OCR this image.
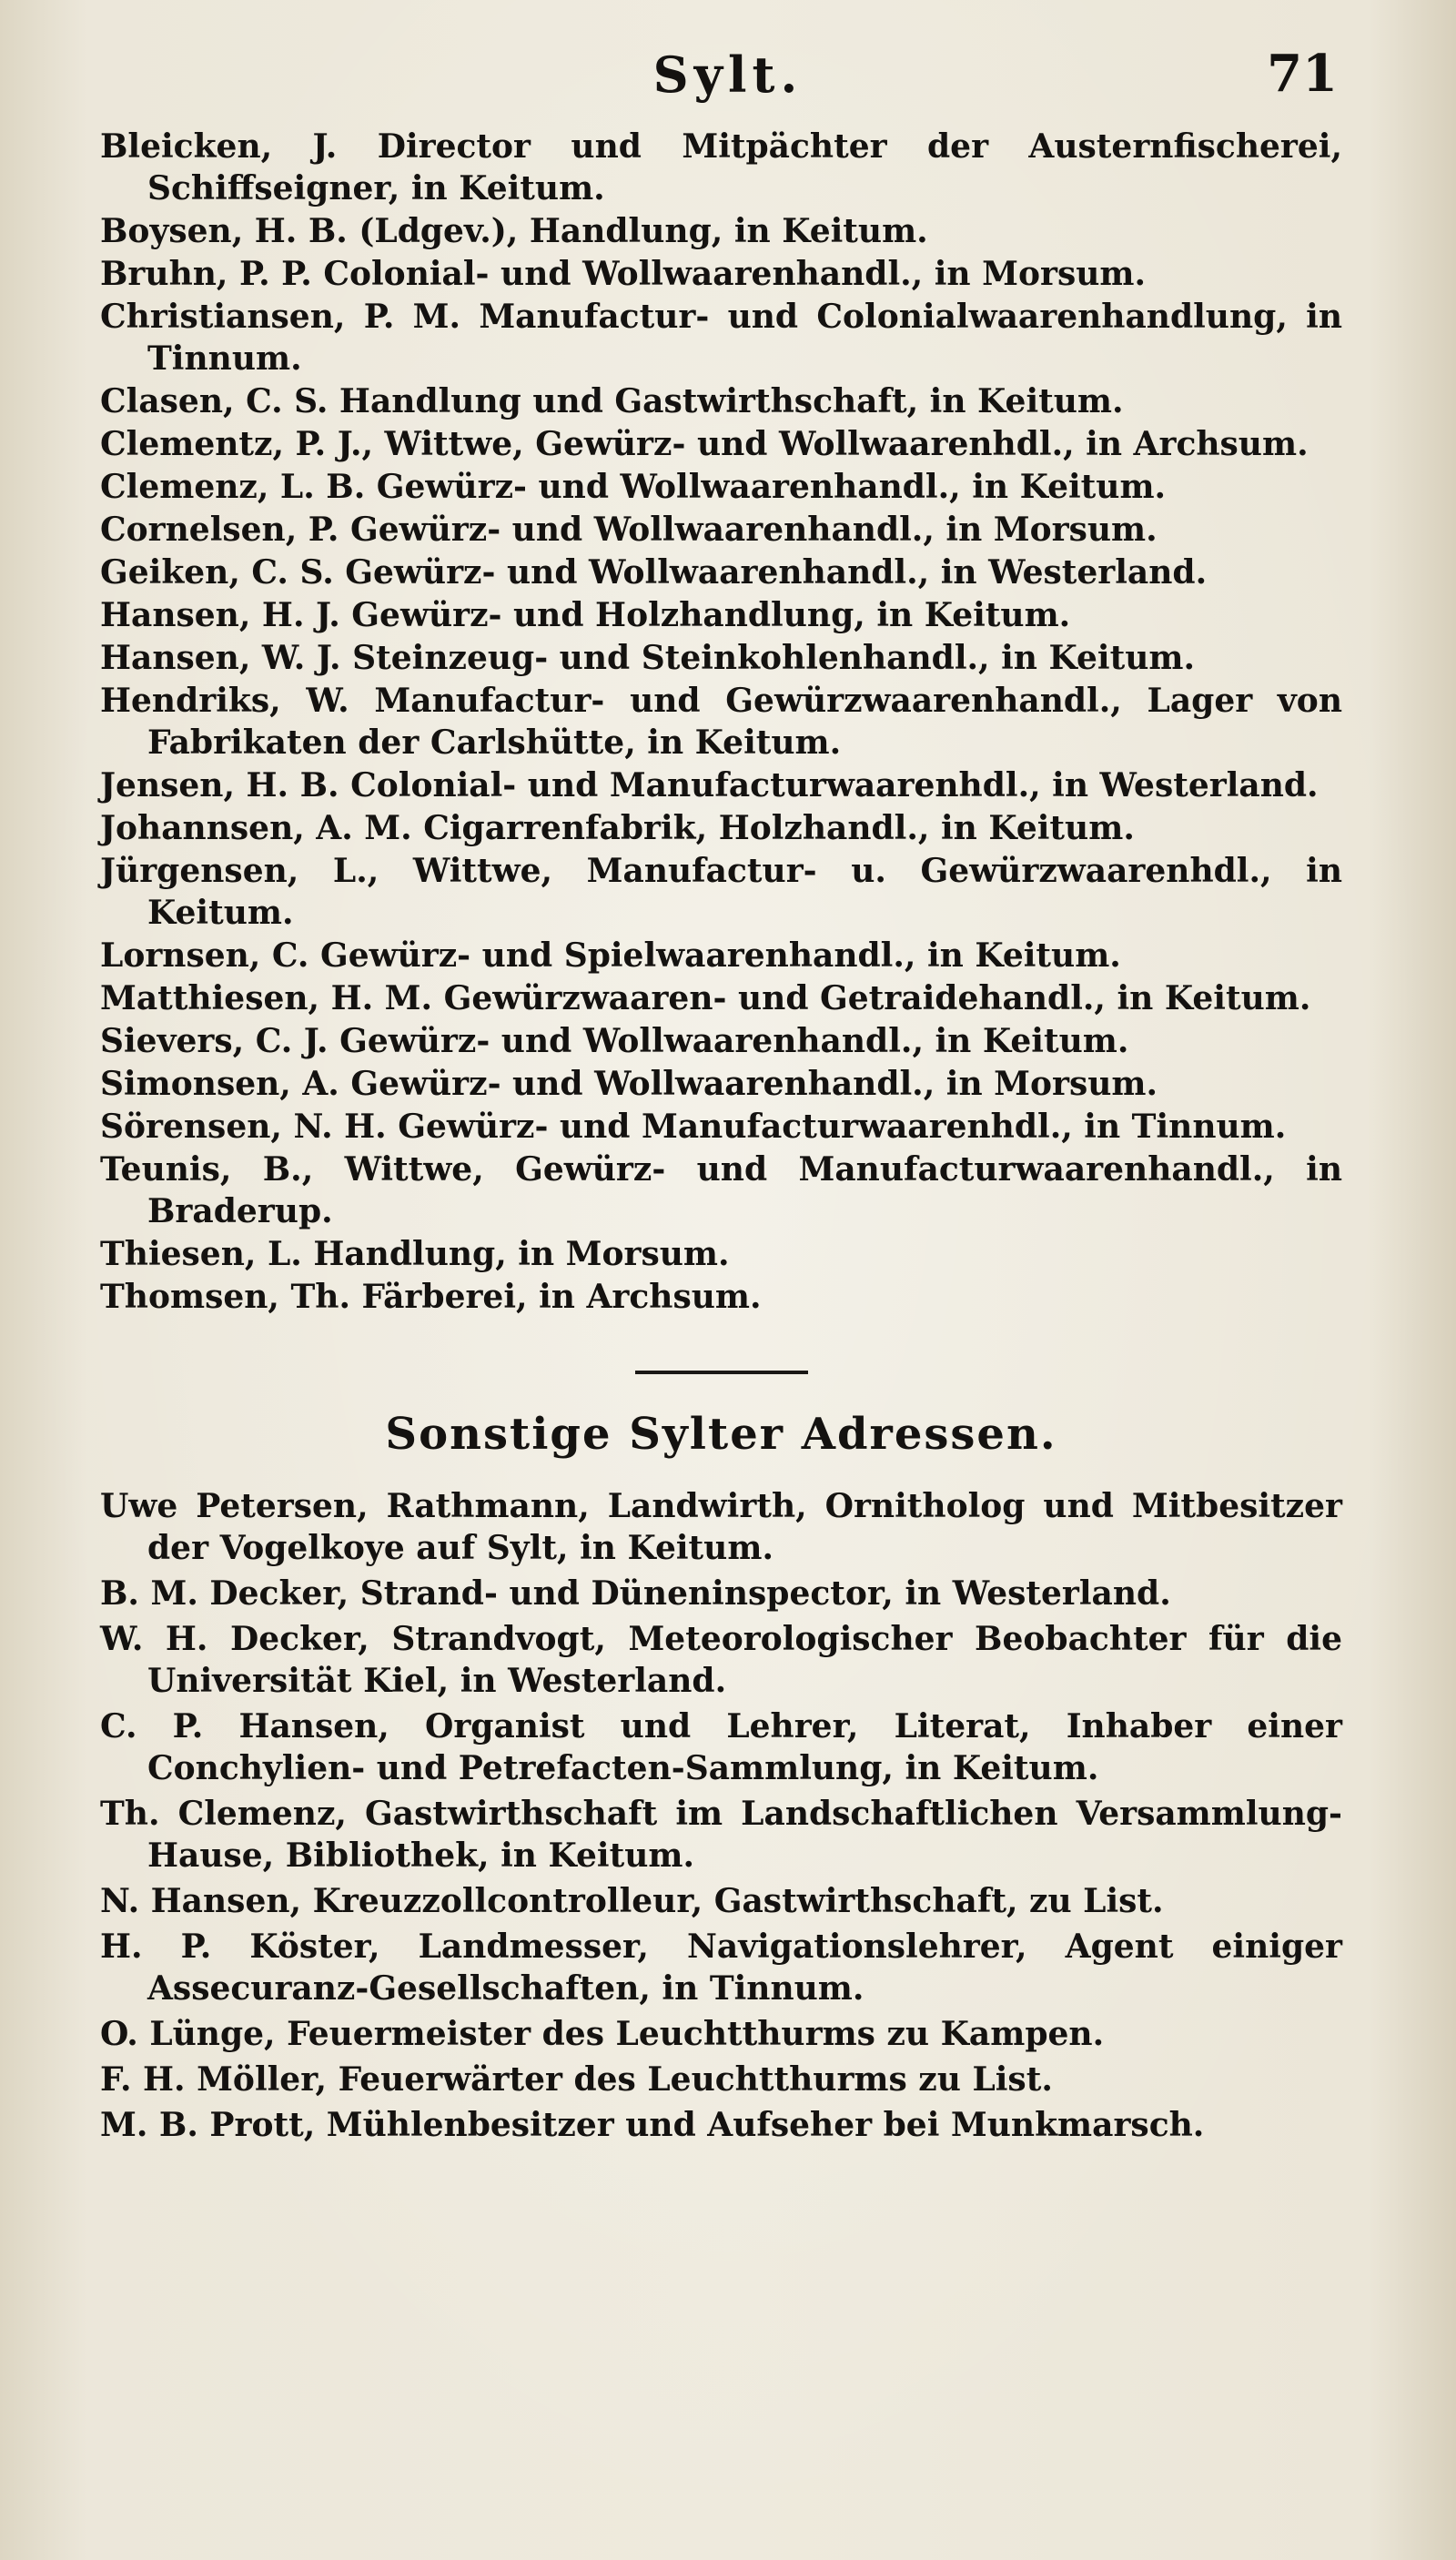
Sylt.	71
Bleicken, J. Director und Mitpächter der Austernfischerei, Schiffseigner, in Keitum.
Boysen, H. B. (Ldgev.), Handlung, in Keitum.
Bruhn, P. P. Colonial- und Wollwaarenhandl., in Morsum.
Christiansen, P. M. Manufactur- und Colonialwaarenhandlung, in Tinnum.
Clasen, C. S. Handlung und Gastwirthschaft, in Keitum.
Clementz, P. J., Wittwe, Gewürz- und Wollwaarenhdl., in Archsum.
Clemenz, L. B. Gewürz- und Wollwaarenhandl., in Keitum.
Cornelsen, P. Gewürz- und Wollwaarenhandl., in Morsum.
Geiken, C. S. Gewürz- und Wollwaarenhandl., in Westerland.
Hansen, H. J. Gewürz- und Holzhandlung, in Keitum.
Hansen, W. J. Steinzeug- und Steinkohlenhandl., in Keitum.
Hendriks, W. Manufactur- und Gewürzwaarenhandl., Lager von Fabrikaten der Carlshütte, in Keitum.
Jensen, H. B. Colonial- und Manufacturwaarenhdl., in Westerland.
Johannsen, A. M. Cigarrenfabrik, Holzhandl., in Keitum.
Jürgensen, L., Wittwe, Manufactur- u. Gewürzwaarenhdl., in Keitum.
Lornsen, C. Gewürz- und Spielwaarenhandl., in Keitum.
Matthiesen, H. M. Gewürzwaaren- und Getraidehandl., in Keitum.
Sievers, C. J. Gewürz- und Wollwaarenhandl., in Keitum.
Simonsen, A. Gewürz- und Wollwaarenhandl., in Morsum.
Sörensen, N. H. Gewürz- und Manufacturwaarenhdl., in Tinnum.
Teunis, B., Wittwe, Gewürz- und Manufacturwaarenhandl., in Braderup.
Thiesen, L. Handlung, in Morsum.
Thomsen, Th. Färberei, in Archsum.
Sonstige Sylter Adressen.
Uwe Petersen, Rathmann, Landwirth, Ornitholog und Mitbesitzer der Vogelkoye auf Sylt, in Keitum.
B. M. Decker, Strand- und Düneninspector, in Westerland.
W. H. Decker, Strandvogt, Meteorologischer Beobachter für die Universität Kiel, in Westerland.
C. P. Hansen, Organist und Lehrer, Literat, Inhaber einer Conchylien- und Petrefacten-Sammlung, in Keitum.
Th. Clemenz, Gastwirthschaft im Landschaftlichen Versammlung-Hause, Bibliothek, in Keitum.
N. Hansen, Kreuzzollcontrolleur, Gastwirthschaft, zu List.
H. P. Köster, Landmesser, Navigationslehrer, Agent einiger Assecuranz-Gesellschaften, in Tinnum.
O. Lünge, Feuermeister des Leuchtthurms zu Kampen.
F. H. Möller, Feuerwärter des Leuchtthurms zu List.
M. B. Prott, Mühlenbesitzer und Aufseher bei Munkmarsch.
